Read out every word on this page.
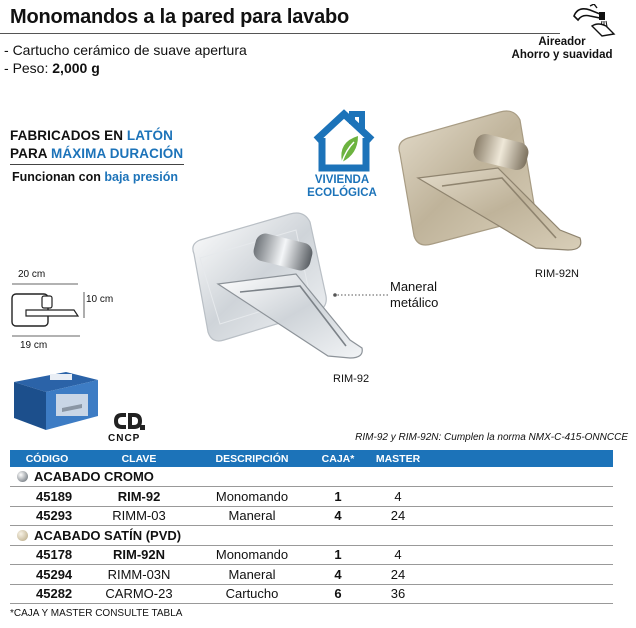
Monomandos a la pared para lavabo
- Cartucho cerámico de suave apertura
- Peso: 2,000 g
Aireador
Ahorro y suavidad
FABRICADOS EN LATÓN
PARA MÁXIMA DURACIÓN
Funcionan con baja presión	VIVIENDA
ECOLÓGICA
20 cm
10 cm
19 cm
CNCP
RIM-92
Maneral
metálico
RIM-92N
RIM-92 y RIM-92N: Cumplen la norma NMX-C-415-ONNCCE
CÓDIGO	CLAVE	DESCRIPCIÓN	CAJA*	MASTER	

ACABADO CROMO					
45189	RIM-92	Monomando	1	4	
45293	RIMM-03	Maneral	4	24	

ACABADO SATÍN (PVD)					
45178	RIM-92N	Monomando	1	4	
45294	RIMM-03N	Maneral	4	24	
45282	CARMO-23	Cartucho	6	36	
*CAJA Y MASTER CONSULTE TABLA
